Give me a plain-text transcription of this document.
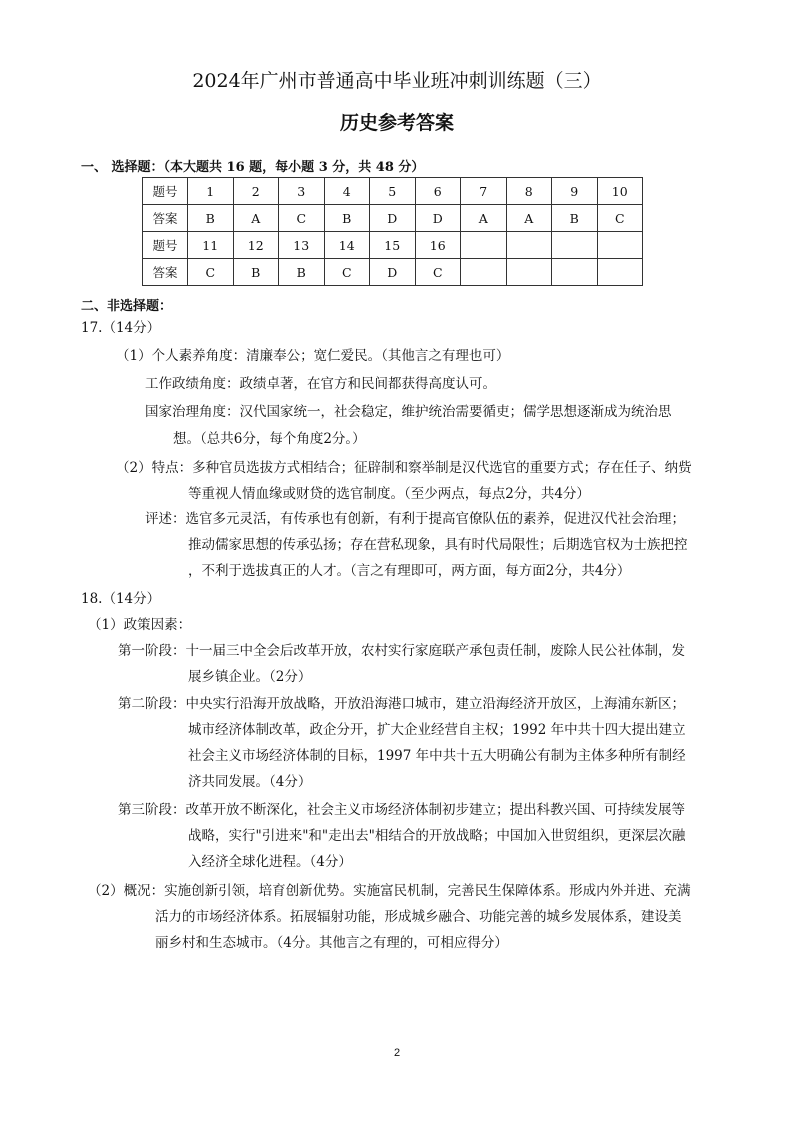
2024年广州市普通高中毕业班冲刺训练题（三）
历史参考答案
一、 选择题：（本大题共 16 题，每小题 3 分，共 48 分）
题号	1	2	3	4	5	6	7	8	9	10
答案	B	A	C	B	D	D	A	A	B	C
题号	11	12	13	14	15	16				
答案	C	B	B	C	D	C				
二、非选择题：
17.（14分）
（1）个人素养角度：清廉奉公；宽仁爱民。（其他言之有理也可）
工作政绩角度：政绩卓著，在官方和民间都获得高度认可。
国家治理角度：汉代国家统一，社会稳定，维护统治需要循吏；儒学思想逐渐成为统治思
想。（总共6分，每个角度2分。）
（2）特点：多种官员选拔方式相结合；征辟制和察举制是汉代选官的重要方式；存在任子、纳赀
等重视人情血缘或财贷的选官制度。（至少两点，每点2分，共4分）
评述：选官多元灵活，有传承也有创新，有利于提高官僚队伍的素养，促进汉代社会治理；
推动儒家思想的传承弘扬；存在营私现象，具有时代局限性；后期选官权为士族把控
，不利于选拔真正的人才。（言之有理即可，两方面，每方面2分，共4分）
18.（14分）
（1）政策因素：
第一阶段：十一届三中全会后改革开放，农村实行家庭联产承包责任制，废除人民公社体制，发
展乡镇企业。（2分）
第二阶段：中央实行沿海开放战略，开放沿海港口城市，建立沿海经济开放区，上海浦东新区；
城市经济体制改革，政企分开，扩大企业经营自主权；1992 年中共十四大提出建立
社会主义市场经济体制的目标，1997 年中共十五大明确公有制为主体多种所有制经
济共同发展。（4分）
第三阶段：改革开放不断深化，社会主义市场经济体制初步建立；提出科教兴国、可持续发展等
战略，实行"引进来"和"走出去"相结合的开放战略；中国加入世贸组织，更深层次融
入经济全球化进程。（4分）
（2）概况：实施创新引领，培育创新优势。实施富民机制，完善民生保障体系。形成内外并进、充满
活力的市场经济体系。拓展辐射功能，形成城乡融合、功能完善的城乡发展体系，建设美
丽乡村和生态城市。（4分。其他言之有理的，可相应得分）
2
